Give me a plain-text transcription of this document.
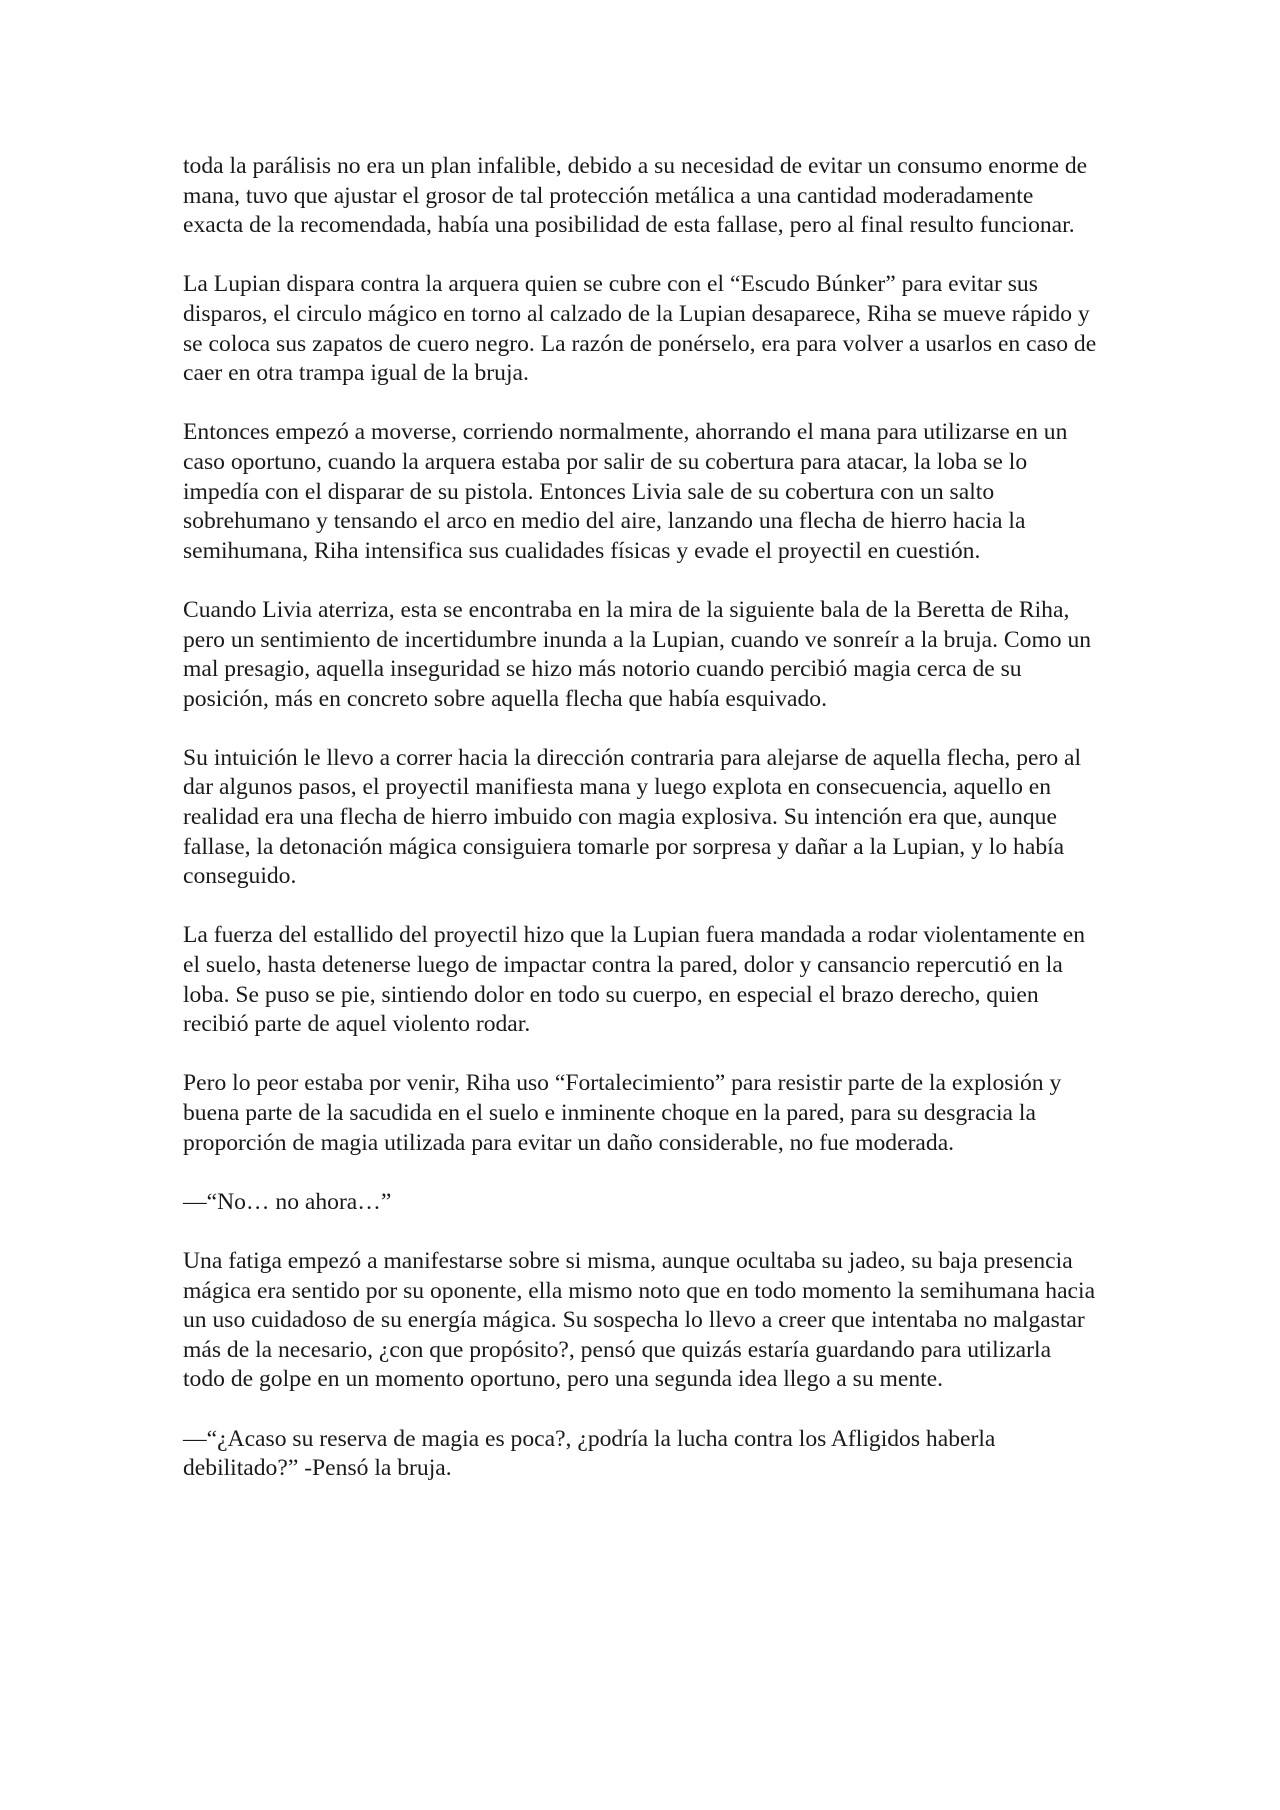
toda la parálisis no era un plan infalible, debido a su necesidad de evitar un consumo enorme de mana, tuvo que ajustar el grosor de tal protección metálica a una cantidad moderadamente exacta de la recomendada, había una posibilidad de esta fallase, pero al final resulto funcionar.

La Lupian dispara contra la arquera quien se cubre con el “Escudo Búnker” para evitar sus disparos, el circulo mágico en torno al calzado de la Lupian desaparece, Riha se mueve rápido y se coloca sus zapatos de cuero negro. La razón de ponérselo, era para volver a usarlos en caso de caer en otra trampa igual de la bruja.

Entonces empezó a moverse, corriendo normalmente, ahorrando el mana para utilizarse en un caso oportuno, cuando la arquera estaba por salir de su cobertura para atacar, la loba se lo impedía con el disparar de su pistola. Entonces Livia sale de su cobertura con un salto sobrehumano y tensando el arco en medio del aire, lanzando una flecha de hierro hacia la semihumana, Riha intensifica sus cualidades físicas y evade el proyectil en cuestión.

Cuando Livia aterriza, esta se encontraba en la mira de la siguiente bala de la Beretta de Riha, pero un sentimiento de incertidumbre inunda a la Lupian, cuando ve sonreír a la bruja. Como un mal presagio, aquella inseguridad se hizo más notorio cuando percibió magia cerca de su posición, más en concreto sobre aquella flecha que había esquivado.

Su intuición le llevo a correr hacia la dirección contraria para alejarse de aquella flecha, pero al dar algunos pasos, el proyectil manifiesta mana y luego explota en consecuencia, aquello en realidad era una flecha de hierro imbuido con magia explosiva. Su intención era que, aunque fallase, la detonación mágica consiguiera tomarle por sorpresa y dañar a la Lupian, y lo había conseguido.

La fuerza del estallido del proyectil hizo que la Lupian fuera mandada a rodar violentamente en el suelo, hasta detenerse luego de impactar contra la pared, dolor y cansancio repercutió en la loba. Se puso se pie, sintiendo dolor en todo su cuerpo, en especial el brazo derecho, quien recibió parte de aquel violento rodar.

Pero lo peor estaba por venir, Riha uso “Fortalecimiento” para resistir parte de la explosión y buena parte de la sacudida en el suelo e inminente choque en la pared, para su desgracia la proporción de magia utilizada para evitar un daño considerable, no fue moderada.

—“No… no ahora…”

Una fatiga empezó a manifestarse sobre si misma, aunque ocultaba su jadeo, su baja presencia mágica era sentido por su oponente, ella mismo noto que en todo momento la semihumana hacia un uso cuidadoso de su energía mágica. Su sospecha lo llevo a creer que intentaba no malgastar más de la necesario, ¿con que propósito?, pensó que quizás estaría guardando para utilizarla todo de golpe en un momento oportuno, pero una segunda idea llego a su mente.

—“¿Acaso su reserva de magia es poca?, ¿podría la lucha contra los Afligidos haberla debilitado?” -Pensó la bruja.
